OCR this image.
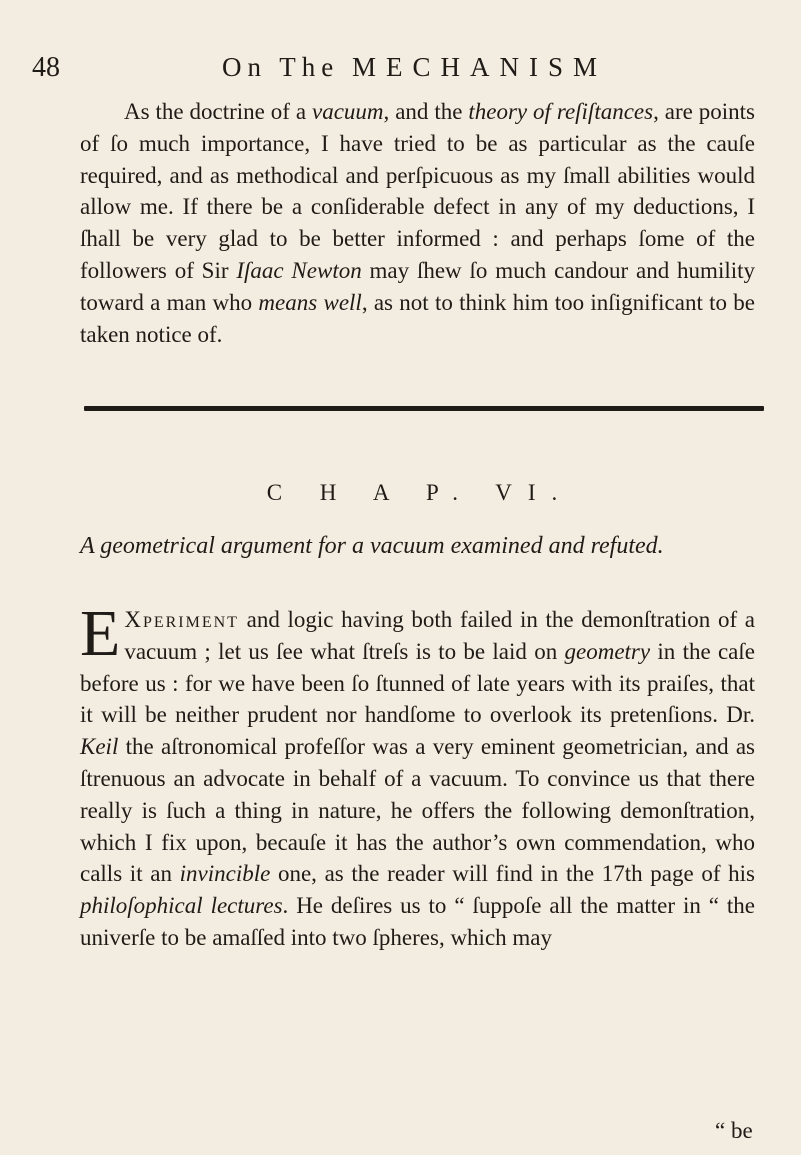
48	On The MECHANISM

As the doctrine of a vacuum, and the theory of reſiſtances, are points of ſo much importance, I have tried to be as particular as the cauſe required, and as methodical and perſpicuous as my ſmall abilities would allow me. If there be a conſiderable defect in any of my deductions, I ſhall be very glad to be better informed : and perhaps ſome of the followers of Sir Iſaac Newton may ſhew ſo much candour and humility toward a man who means well, as not to think him too inſignificant to be taken notice of.

C H A P. VI.
A geometrical argument for a vacuum examined and refuted.

E Xperiment and logic having both failed in the demonſtration of a vacuum ; let us ſee what ſtreſs is to be laid on geometry in the caſe before us : for we have been ſo ſtunned of late years with its praiſes, that it will be neither prudent nor handſome to overlook its pretenſions. Dr. Keil the aſtronomical profeſſor was a very eminent geometrician, and as ſtrenuous an advocate in behalf of a vacuum. To convince us that there really is ſuch a thing in nature, he offers the following demonſtration, which I fix upon, becauſe it has the author’s own commendation, who calls it an invincible one, as the reader will find in the 17th page of his philoſophical lectures. He deſires us to “ ſuppoſe all the matter in “ the univerſe to be amaſſed into two ſpheres, which may

“ be
